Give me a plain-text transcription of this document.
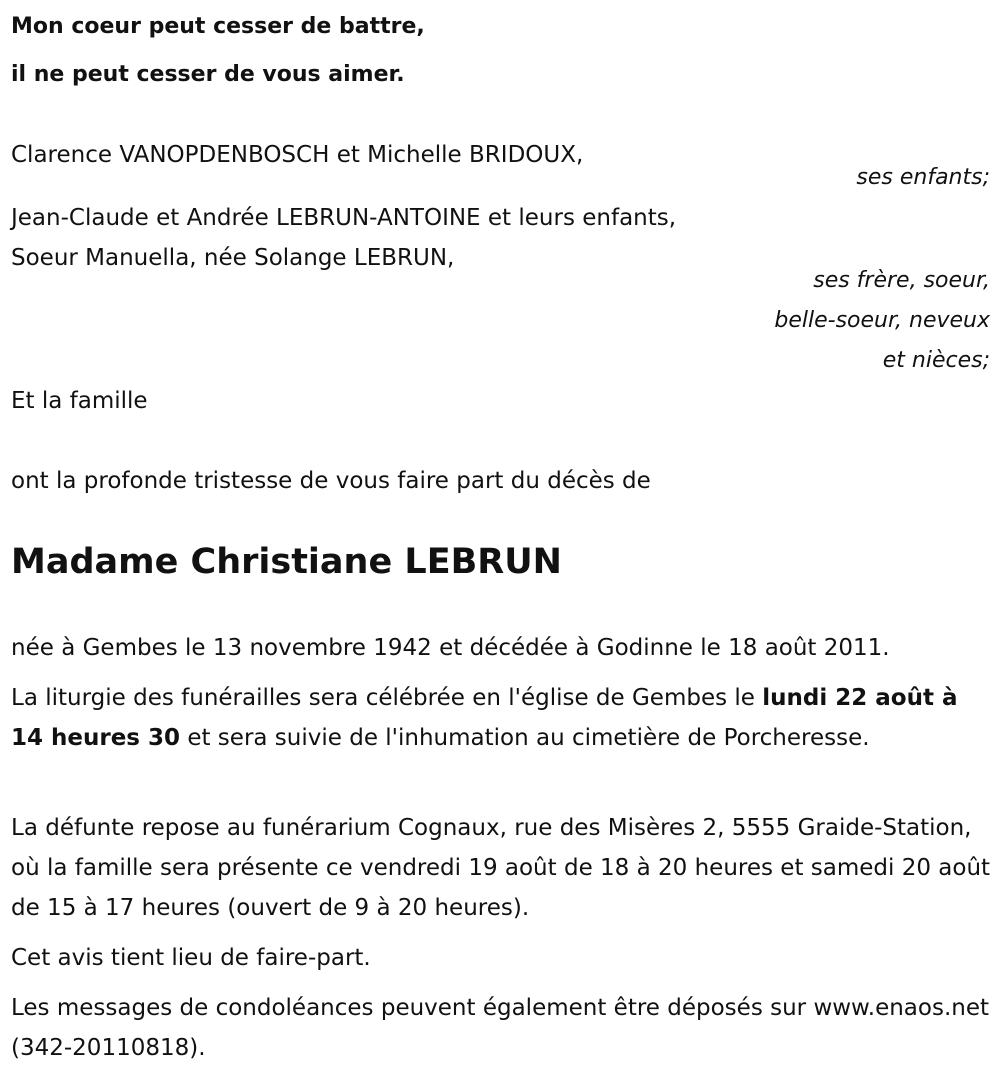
Mon coeur peut cesser de battre,
il ne peut cesser de vous aimer.
Clarence VANOPDENBOSCH et Michelle BRIDOUX,
ses enfants;
Jean-Claude et Andrée LEBRUN-ANTOINE et leurs enfants,
Soeur Manuella, née Solange LEBRUN,
ses frère, soeur,
belle-soeur, neveux
et nièces;
Et la famille
ont la profonde tristesse de vous faire part du décès de
Madame Christiane LEBRUN
née à Gembes le 13 novembre 1942 et décédée à Godinne le 18 août 2011.
La liturgie des funérailles sera célébrée en l'église de Gembes le lundi 22 août à 14 heures 30 et sera suivie de l'inhumation au cimetière de Porcheresse.
La défunte repose au funérarium Cognaux, rue des Misères 2, 5555 Graide-Station, où la famille sera présente ce vendredi 19 août de 18 à 20 heures et samedi 20 août de 15 à 17 heures (ouvert de 9 à 20 heures).
Cet avis tient lieu de faire-part.
Les messages de condoléances peuvent également être déposés sur www.enaos.net (342-20110818).
